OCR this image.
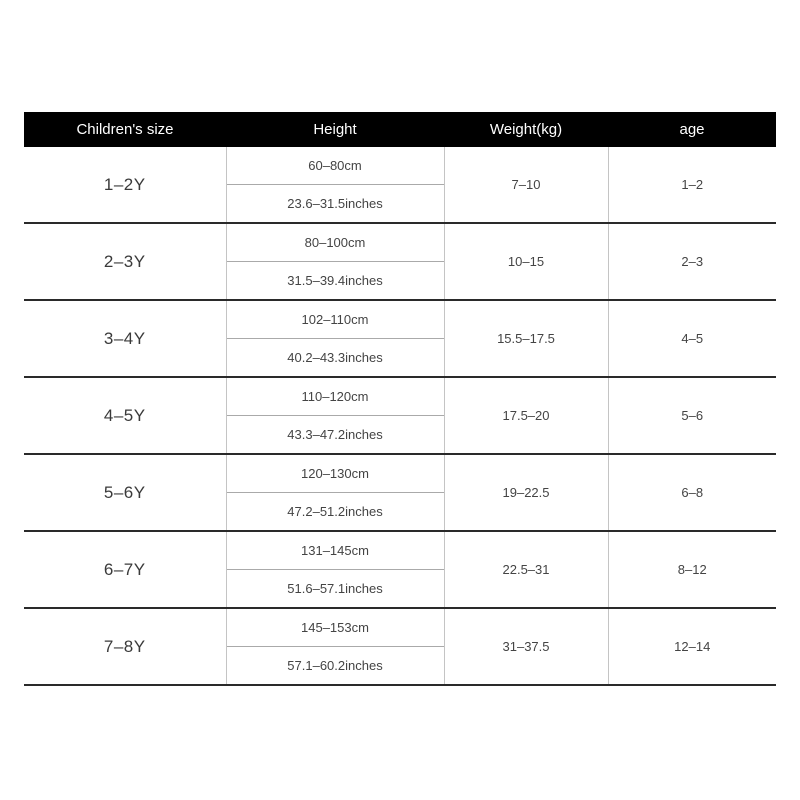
Children's size	Height	Weight(kg)	age
1–2Y	60–80cm	7–10	1–2
	23.6–31.5inches		
2–3Y	80–100cm	10–15	2–3
	31.5–39.4inches		
3–4Y	102–110cm	15.5–17.5	4–5
	40.2–43.3inches		
4–5Y	110–120cm	17.5–20	5–6
	43.3–47.2inches		
5–6Y	120–130cm	19–22.5	6–8
	47.2–51.2inches		
6–7Y	131–145cm	22.5–31	8–12
	51.6–57.1inches		
7–8Y	145–153cm	31–37.5	12–14
	57.1–60.2inches		
